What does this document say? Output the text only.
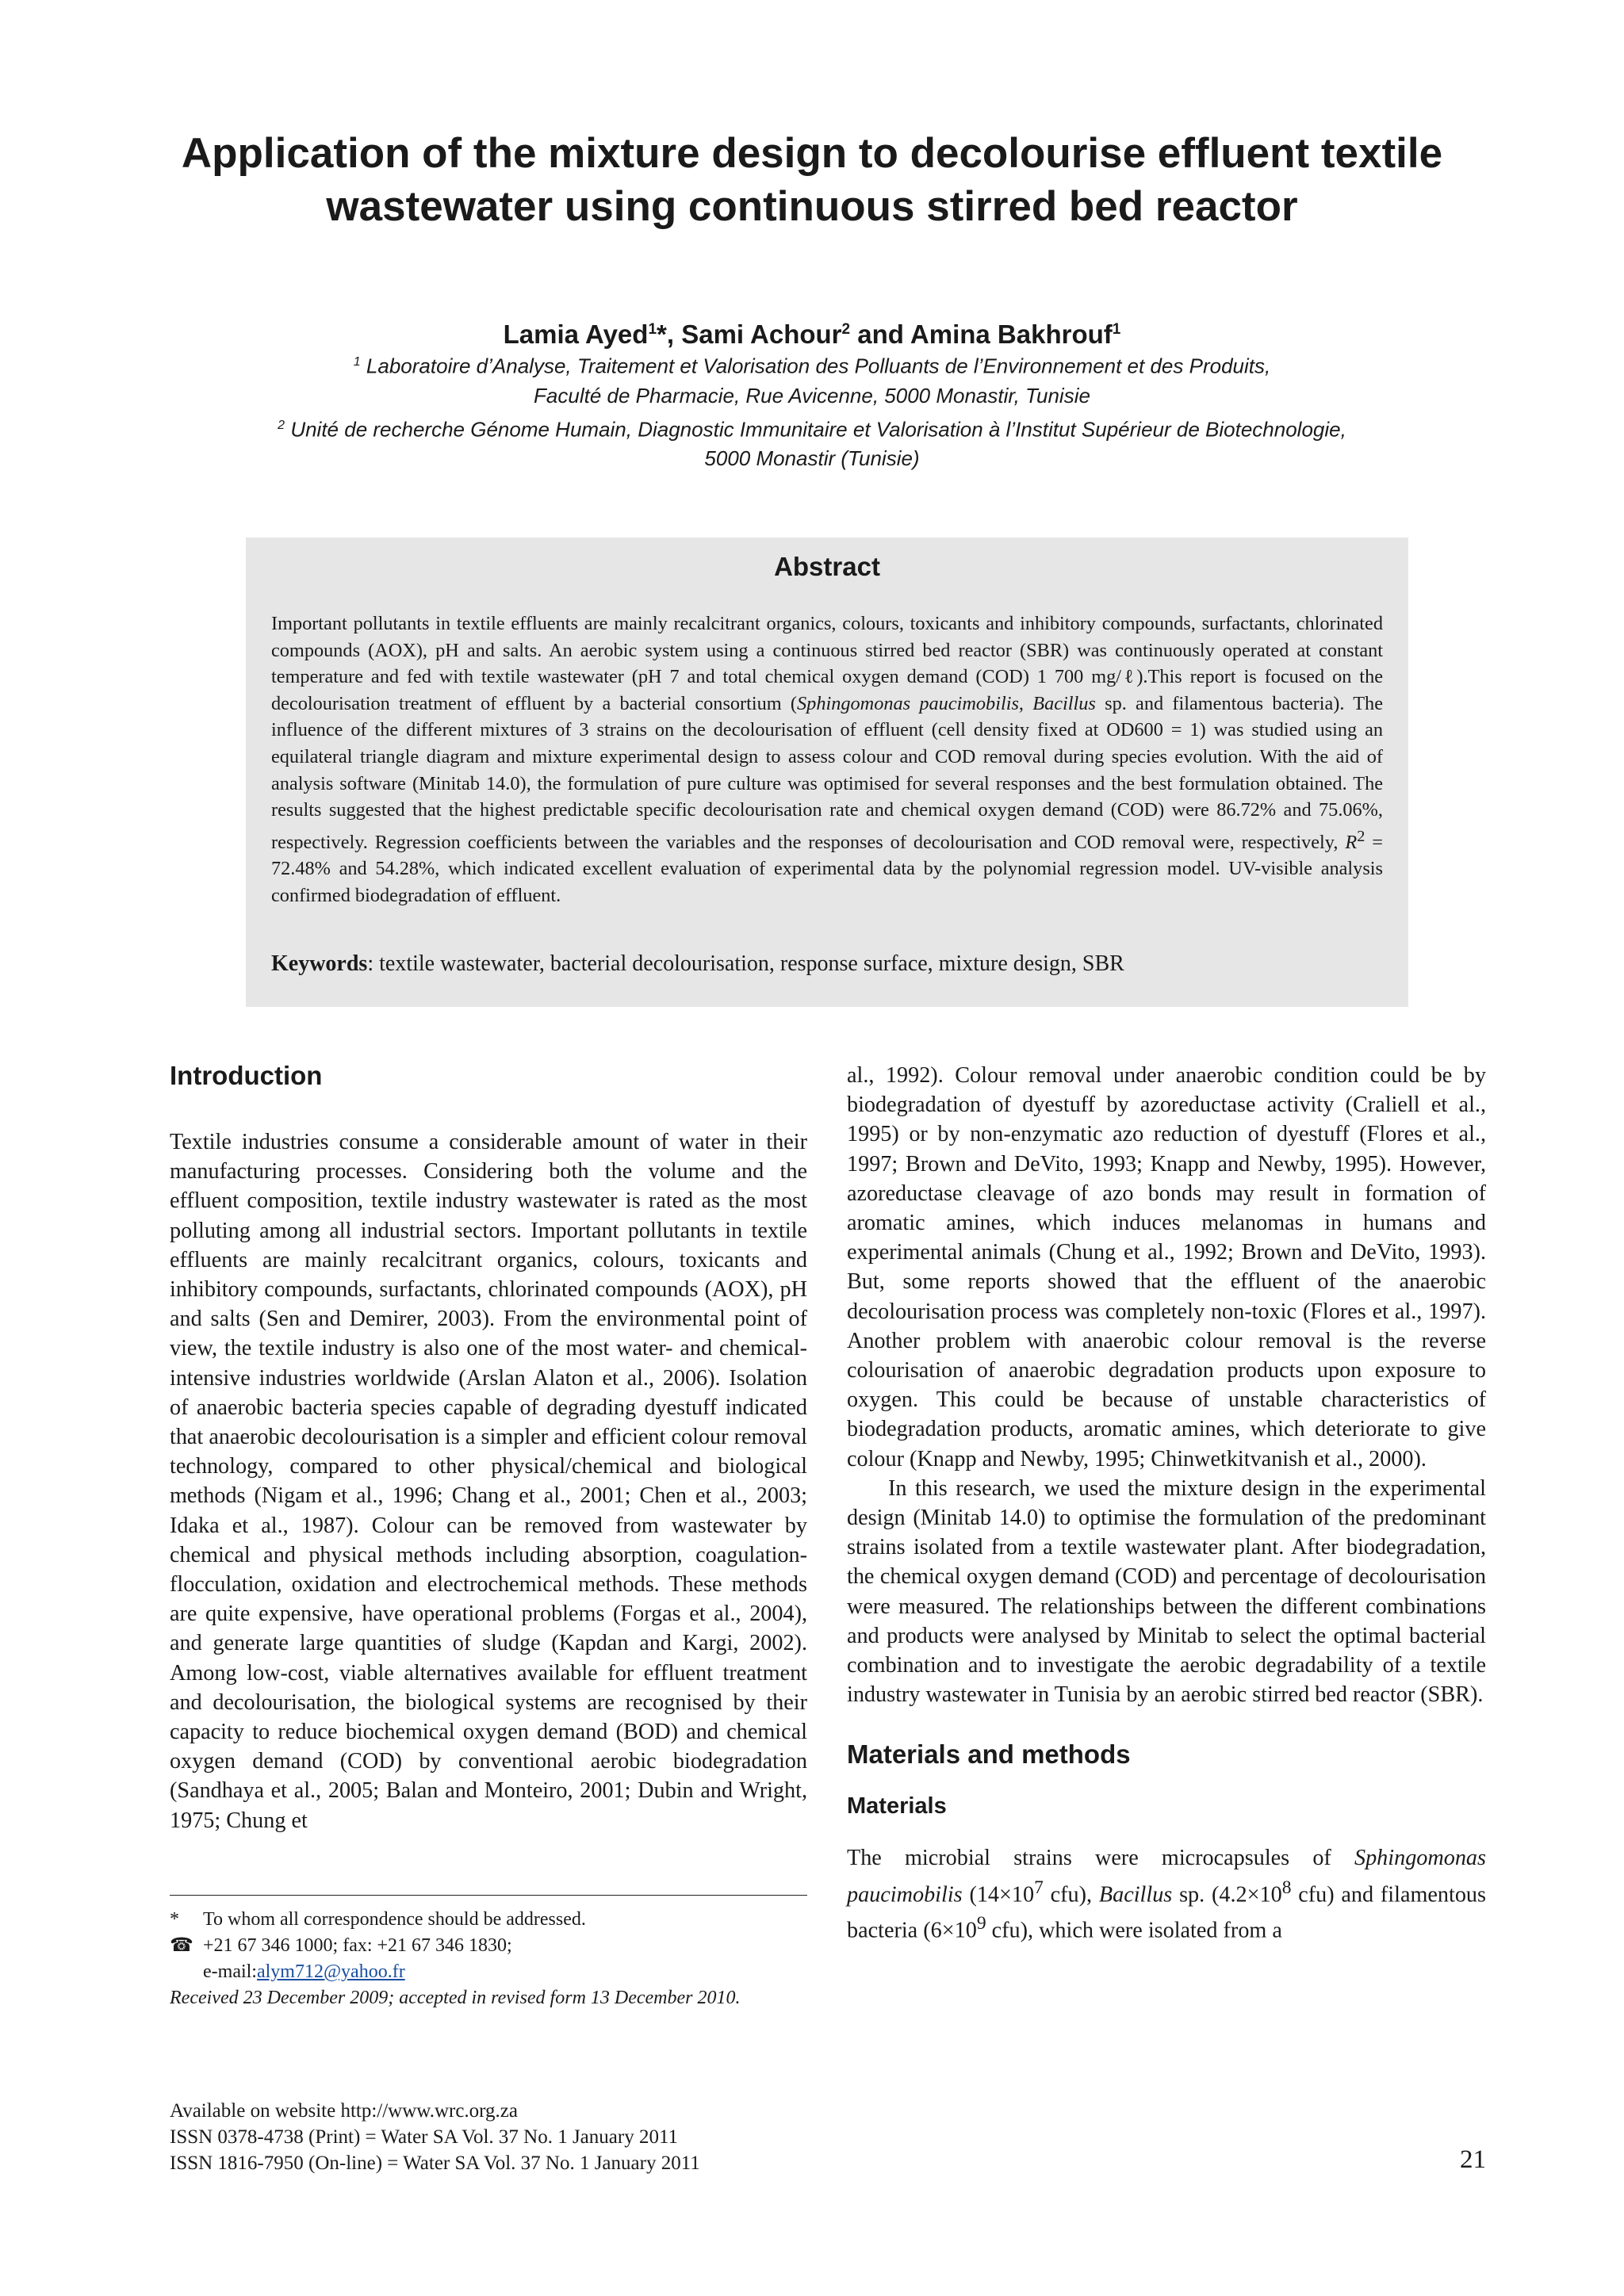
Application of the mixture design to decolourise effluent textile wastewater using continuous stirred bed reactor

Lamia Ayed$^1$*, Sami Achour$^2$ and Amina Bakhrouf$^1$

$^1$ Laboratoire d’Analyse, Traitement et Valorisation des Polluants de l’Environnement et des Produits,
Faculté de Pharmacie, Rue Avicenne, 5000 Monastir, Tunisie
$^2$ Unité de recherche Génome Humain, Diagnostic Immunitaire et Valorisation à l’Institut Supérieur de Biotechnologie,
5000 Monastir (Tunisie)
Abstract

Important pollutants in textile effluents are mainly recalcitrant organics, colours, toxicants and inhibitory compounds, surfactants, chlorinated compounds (AOX), pH and salts. An aerobic system using a continuous stirred bed reactor (SBR) was continuously operated at constant temperature and fed with textile wastewater (pH 7 and total chemical oxygen demand (COD) 1 700 mg/ℓ).This report is focused on the decolourisation treatment of effluent by a bacterial consortium (Sphingomonas paucimobilis, Bacillus sp. and filamentous bacteria). The influence of the different mixtures of 3 strains on the decolourisation of effluent (cell density fixed at OD600 = 1) was studied using an equilateral triangle diagram and mixture experimental design to assess colour and COD removal during species evolution. With the aid of analysis software (Minitab 14.0), the formulation of pure culture was optimised for several responses and the best formulation obtained. The results suggested that the highest predictable specific decolourisation rate and chemical oxygen demand (COD) were 86.72% and 75.06%, respectively. Regression coefficients between the variables and the responses of decolourisation and COD removal were, respectively, $R^2 = 72.48\%$ and 54.28%, which indicated excellent evaluation of experimental data by the polynomial regression model. UV-visible analysis confirmed biodegradation of effluent.

Keywords: textile wastewater, bacterial decolourisation, response surface, mixture design, SBR

Introduction

Textile industries consume a considerable amount of water in their manufacturing processes. Considering both the volume and the effluent composition, textile industry wastewater is rated as the most polluting among all industrial sectors. Important pollutants in textile effluents are mainly recalcitrant organics, colours, toxicants and inhibitory compounds, surfactants, chlorinated compounds (AOX), pH and salts (Sen and Demirer, 2003). From the environmental point of view, the textile industry is also one of the most water- and chemical-intensive industries worldwide (Arslan Alaton et al., 2006). Isolation of anaerobic bacteria species capable of degrading dyestuff indicated that anaerobic decolourisation is a simpler and efficient colour removal technology, compared to other physical/chemical and biological methods (Nigam et al., 1996; Chang et al., 2001; Chen et al., 2003; Idaka et al., 1987). Colour can be removed from wastewater by chemical and physical methods including absorption, coagulation-flocculation, oxidation and electrochemical methods. These methods are quite expensive, have operational problems (Forgas et al., 2004), and generate large quantities of sludge (Kapdan and Kargi, 2002). Among low-cost, viable alternatives available for effluent treatment and decolourisation, the biological systems are recognised by their capacity to reduce biochemical oxygen demand (BOD) and chemical oxygen demand (COD) by conventional aerobic biodegradation (Sandhaya et al., 2005; Balan and Monteiro, 2001; Dubin and Wright, 1975; Chung et

al., 1992). Colour removal under anaerobic condition could be by biodegradation of dyestuff by azoreductase activity (Craliell et al., 1995) or by non-enzymatic azo reduction of dyestuff (Flores et al., 1997; Brown and DeVito, 1993; Knapp and Newby, 1995). However, azoreductase cleavage of azo bonds may result in formation of aromatic amines, which induces melanomas in humans and experimental animals (Chung et al., 1992; Brown and DeVito, 1993). But, some reports showed that the effluent of the anaerobic decolourisation process was completely non-toxic (Flores et al., 1997). Another problem with anaerobic colour removal is the reverse colourisation of anaerobic degradation products upon exposure to oxygen. This could be because of unstable characteristics of biodegradation products, aromatic amines, which deteriorate to give colour (Knapp and Newby, 1995; Chinwetkitvanish et al., 2000).

In this research, we used the mixture design in the experimental design (Minitab 14.0) to optimise the formulation of the predominant strains isolated from a textile wastewater plant. After biodegradation, the chemical oxygen demand (COD) and percentage of decolourisation were measured. The relationships between the different combinations and products were analysed by Minitab to select the optimal bacterial combination and to investigate the aerobic degradability of a textile industry wastewater in Tunisia by an aerobic stirred bed reactor (SBR).

Materials and methods
Materials

The microbial strains were microcapsules of Sphingomonas paucimobilis ($14\times 10^7$ cfu), Bacillus sp. ($4.2\times 10^8$ cfu) and filamentous bacteria ($6\times 10^9$ cfu), which were isolated from a

*	To whom all correspondence should be addressed.
☎ +21 67 346 1000; fax: +21 67 346 1830;
e-mail: alym712@yahoo.fr
Received 23 December 2009; accepted in revised form 13 December 2010.
Available on website http://www.wrc.org.za
ISSN 0378-4738 (Print) = Water SA Vol. 37 No. 1 January 2011
ISSN 1816-7950 (On-line) = Water SA Vol. 37 No. 1 January 2011	21
